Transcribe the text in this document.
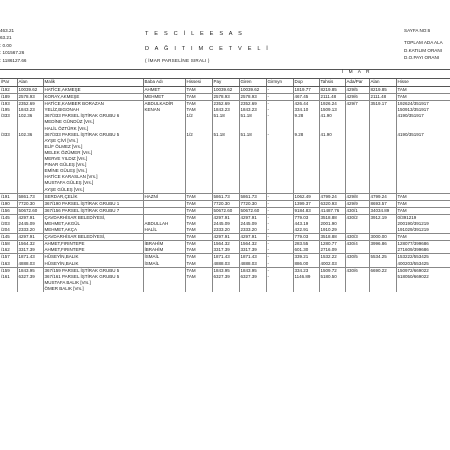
463.21
63.21
: 0.00
: 101567.26
: 1186127.66
T E S C İ L E E S A S
D A Ğ I T I M C E T V E L İ
( İMAR PARSELİNE SIRALI )
SAYFA NO:6
TOPLAM ADA ALA
D.KATILIM ORANI
D.O.PAYI ORANI
İ M A R
/Par	Alan	Malik	Baba Adı	Hissesi	Pay	Giren	Girmyn	Dop	Tahsis	Ada/Par	Alan	Hisse
/192	10039.62	HATİCE,AKMEŞE	AHMET	TAM	10039.62	10039.62	-	1819.77	8219.85	429/5	8219.85	TAM
/189	2578.93	KORAY,AKMEŞE	MEHMET	TAM	2578.93	2578.93	-	467.45	2111.48	429/6	2111.48	TAM
/193	2352.69	HATİCE,KAMBER BORAZAN	ABDULKADİR	TAM	2352.69	2352.69	-	426.44	1926.24	429/7	3519.17	192624/351917
/195	1843.23	YELİZ,BIGONAH	KENAN	TAM	1843.23	1843.23	-	334.10	1509.13			150913/351917
/333	102.36	367/333 PARSEL İŞTİRAK GRUBU 6		1/2	51.18	51.18	-	9.28	41.90			4190/351917
		MEDİNE GÜNDÜZ [Vrs.]										
		HALİL ÖZTÜRK [Vrs.]										
/333	102.36	367/333 PARSEL İŞTİRAK GRUBU 5		1/2	51.18	51.18	-	9.28	41.90			4190/351917
		AYŞE ÇİVİ [Vrs.]										
		ELİF ÖLMEZ [Vrs.]										
		MELEK ÖZÜMER [Vrs.]										
		MERVE YILDIZ [Vrs.]										
		PINAR GÜLEŞ [Vrs.]										
		EMİNE GÜLEŞ [Vrs.]										
		HATİCE KARASLAN [Vrs.]										
		MUSTAFA GÜLEŞ [Vrs.]										
		AYŞE GÜLEŞ [Vrs.]										
/191	5861.73	SERDAR,ÇELİK	HAZNİ	TAM	5861.73	5861.73	-	1062.49	4799.24	429/8	4799.24	TAM
/190	7720.30	367/190 PARSEL İŞTİRAK GRUBU 1		TAM	7720.30	7720.30	-	1399.37	6320.93	429/9	8693.57	TAM
/156	50672.60	367/156 PARSEL İŞTİRAK GRUBU 7		TAM	50672.60	50672.60	-	9184.83	41487.76	430/1	34034.89	TAM
/145	4297.91	ÇAVDARHİSAR BELEDİYESİ,		TAM	4297.91	4297.91	-	779.03	3518.88	430/2	3912.19	0/391219
/203	2445.09	MEHMET,AKGÜL	ABDULLAH	TAM	2445.09	2445.09	-	443.19	2001.90			200190/391219
/204	2333.20	MEHMET,AKÇA	HALİL	TAM	2333.20	2333.20	-	422.91	1910.29			191029/391219
/145	4297.91	ÇAVDARHİSAR BELEDİYESİ,		TAM	4297.91	4297.91	-	779.03	3518.88	430/3	3000.00	TAM
/158	1564.32	AHMET,FIRINTEPE	İBRAHİM	TAM	1564.32	1564.32	-	283.55	1280.77	430/4	3996.86	128077/399686
/162	3317.39	AHMET,FIRINTEPE	İBRAHİM	TAM	3317.39	3317.39	-	601.30	2716.09			271609/399686
/157	1871.43	HÜSEYİN,BALIK	İSMAİL	TAM	1871.43	1871.43	-	339.21	1532.22	430/5	5534.25	153222/553425
/163	4888.03	HÜSEYİN,BALIK	İSMAİL	TAM	4888.03	4888.03	-	886.00	4002.03			400203/553425
/159	1843.95	367/159 PARSEL İŞTİRAK GRUBU 5		TAM	1843.95	1843.95	-	334.23	1509.72	430/6	6690.22	150972/669022
/161	6327.39	367/161 PARSEL İŞTİRAK GRUBU 5		TAM	6327.39	6327.39	-	1146.89	5180.50			518050/669022
		MUSTAFA BALIK [Vrs.]										
		ÖMER BALIK [Vrs.]										
